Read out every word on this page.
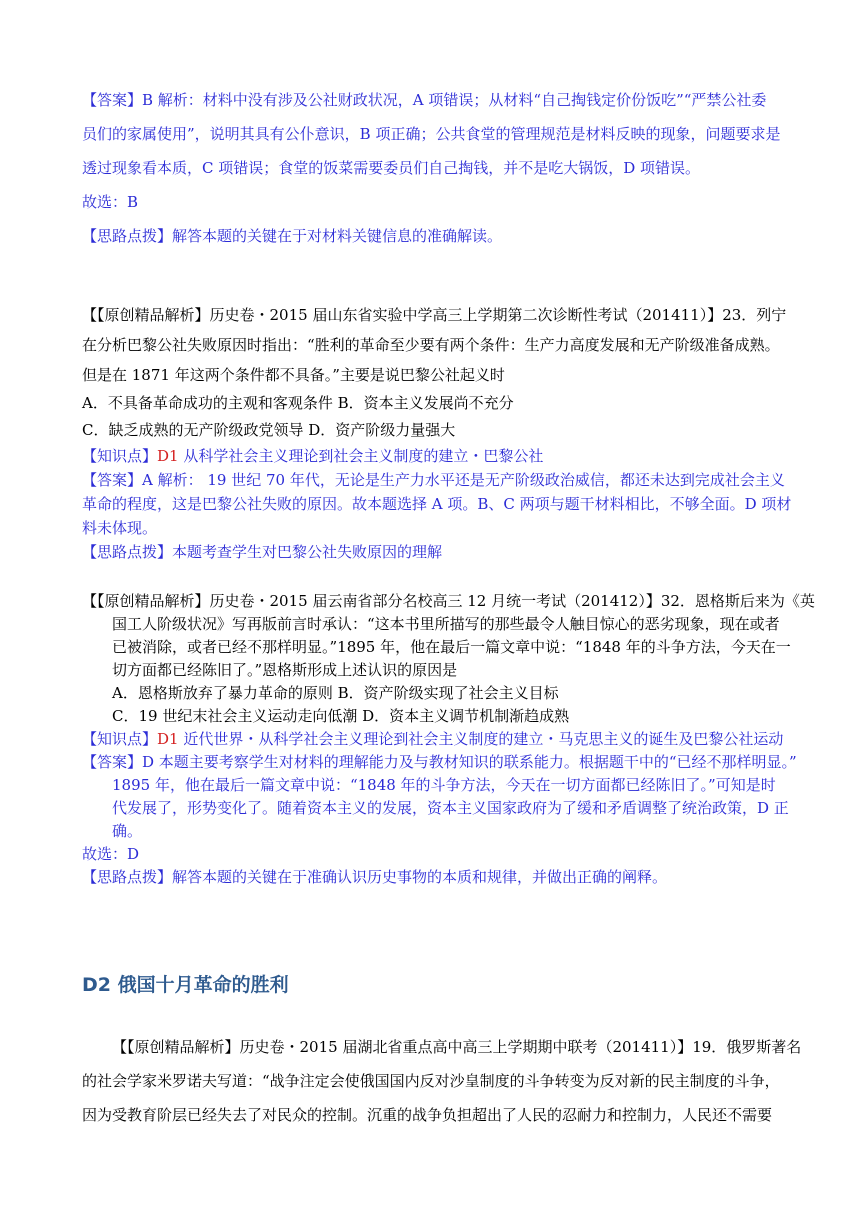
【答案】B 解析：材料中没有涉及公社财政状况，A 项错误；从材料“自己掏钱定价份饭吃”“严禁公社委
员们的家属使用”，说明其具有公仆意识，B 项正确；公共食堂的管理规范是材料反映的现象，问题要求是
透过现象看本质，C 项错误；食堂的饭菜需要委员们自己掏钱，并不是吃大锅饭，D 项错误。
故选：B
【思路点拨】解答本题的关键在于对材料关键信息的准确解读。
【【原创精品解析】历史卷・2015 届山东省实验中学高三上学期第二次诊断性考试（201411）】23．列宁
在分析巴黎公社失败原因时指出：“胜利的革命至少要有两个条件：生产力高度发展和无产阶级准备成熟。
但是在 1871 年这两个条件都不具备。”主要是说巴黎公社起义时
A．不具备革命成功的主观和客观条件 B．资本主义发展尚不充分
C．缺乏成熟的无产阶级政党领导 D．资产阶级力量强大
【知识点】D1 从科学社会主义理论到社会主义制度的建立・巴黎公社
【答案】A 解析： 19 世纪 70 年代，无论是生产力水平还是无产阶级政治威信，都还未达到完成社会主义
革命的程度，这是巴黎公社失败的原因。故本题选择 A 项。B、C 两项与题干材料相比，不够全面。D 项材
料未体现。
【思路点拨】本题考查学生对巴黎公社失败原因的理解
【【原创精品解析】历史卷・2015 届云南省部分名校高三 12 月统一考试（201412）】32．恩格斯后来为《英
国工人阶级状况》写再版前言时承认：“这本书里所描写的那些最令人触目惊心的恶劣现象，现在或者
已被消除，或者已经不那样明显。”1895 年，他在最后一篇文章中说：“1848 年的斗争方法，今天在一
切方面都已经陈旧了。”恩格斯形成上述认识的原因是
A．恩格斯放弃了暴力革命的原则 B．资产阶级实现了社会主义目标
C．19 世纪末社会主义运动走向低潮 D．资本主义调节机制渐趋成熟
【知识点】D1 近代世界・从科学社会主义理论到社会主义制度的建立・马克思主义的诞生及巴黎公社运动
【答案】D 本题主要考察学生对材料的理解能力及与教材知识的联系能力。根据题干中的“已经不那样明显。”
1895 年，他在最后一篇文章中说：“1848 年的斗争方法，今天在一切方面都已经陈旧了。”可知是时
代发展了，形势变化了。随着资本主义的发展，资本主义国家政府为了缓和矛盾调整了统治政策，D 正
确。
故选：D
【思路点拨】解答本题的关键在于准确认识历史事物的本质和规律，并做出正确的阐释。
D2 俄国十月革命的胜利
【【原创精品解析】历史卷・2015 届湖北省重点高中高三上学期期中联考（201411）】19．俄罗斯著名
的社会学家米罗诺夫写道：“战争注定会使俄国国内反对沙皇制度的斗争转变为反对新的民主制度的斗争，
因为受教育阶层已经失去了对民众的控制。沉重的战争负担超出了人民的忍耐力和控制力，人民还不需要
